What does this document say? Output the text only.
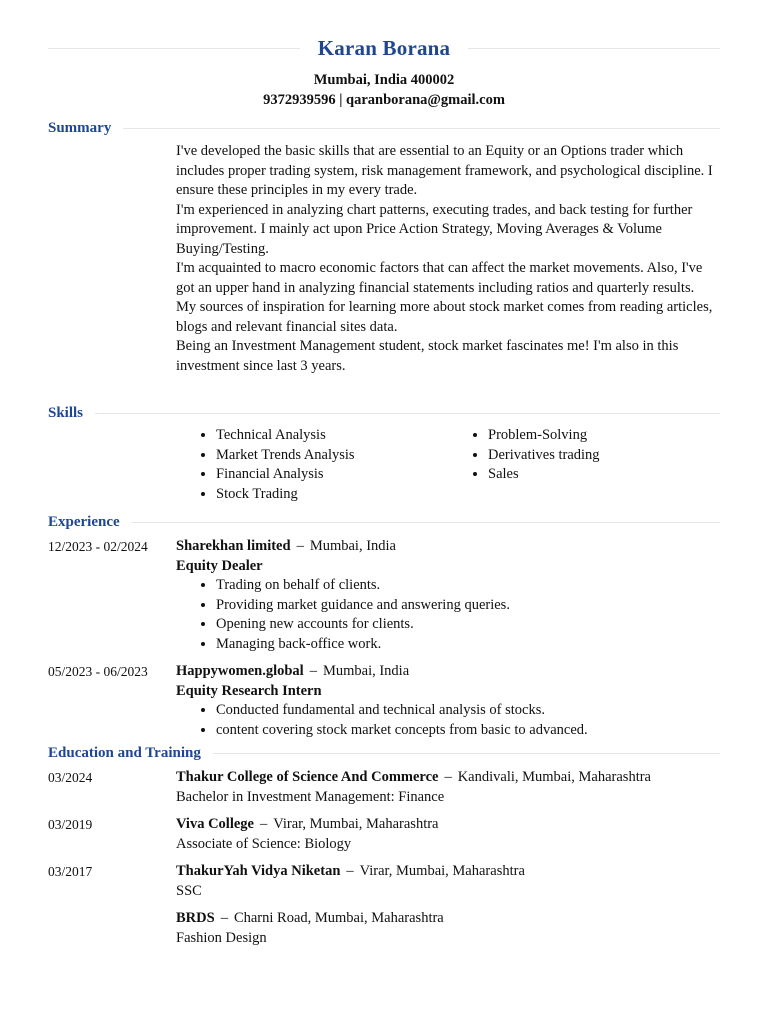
Karan Borana
Mumbai, India 400002
9372939596 | qaranborana@gmail.com
Summary

I've developed the basic skills that are essential to an Equity or an Options trader which includes proper trading system, risk management framework, and psychological discipline. I ensure these principles in my every trade.

I'm experienced in analyzing chart patterns, executing trades, and back testing for further improvement. I mainly act upon Price Action Strategy, Moving Averages & Volume Buying/Testing.

I'm acquainted to macro economic factors that can affect the market movements. Also, I've got an upper hand in analyzing financial statements including ratios and quarterly results.

My sources of inspiration for learning more about stock market comes from reading articles, blogs and relevant financial sites data.

Being an Investment Management student, stock market fascinates me! I'm also in this investment since last 3 years.

Skills
• Technical Analysis
• Market Trends Analysis
• Financial Analysis
• Stock Trading
• Problem-Solving
• Derivatives trading
• Sales
Experience
12/2023 - 02/2024	Sharekhan limited – Mumbai, India
Equity Dealer
• Trading on behalf of clients.
• Providing market guidance and answering queries.
• Opening new accounts for clients.
• Managing back-office work.
05/2023 - 06/2023	Happywomen.global – Mumbai, India
Equity Research Intern
• Conducted fundamental and technical analysis of stocks.
• content covering stock market concepts from basic to advanced.
Education and Training
03/2024	Thakur College of Science And Commerce – Kandivali, Mumbai, Maharashtra
Bachelor in Investment Management: Finance
03/2019	Viva College – Virar, Mumbai, Maharashtra
Associate of Science: Biology
03/2017	ThakurYah Vidya Niketan – Virar, Mumbai, Maharashtra
SSC
BRDS – Charni Road, Mumbai, Maharashtra
Fashion Design
